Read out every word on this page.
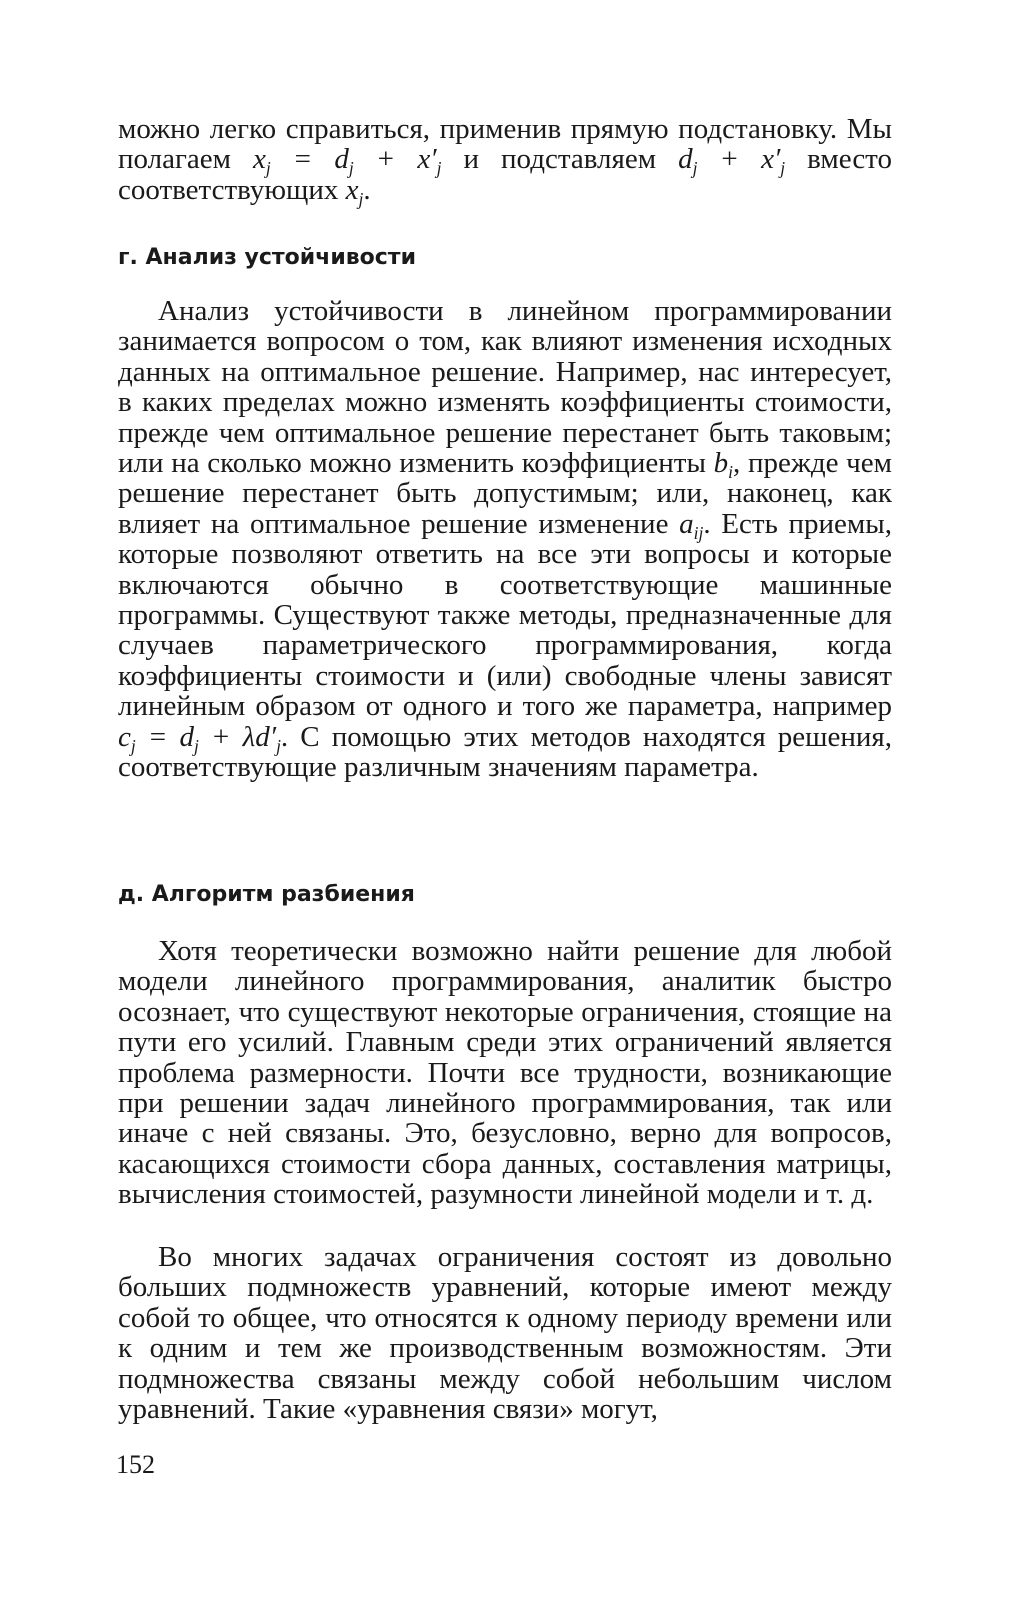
можно легко справиться, применив прямую подстановку. Мы полагаем $x_j = d_j + x'_j$ и подставляем $d_j + x'_j$ вместо соответствующих $x_j$.

г. Анализ устойчивости

Анализ устойчивости в линейном программировании занимается вопросом о том, как влияют изменения исходных данных на оптимальное решение. Например, нас интересует, в каких пределах можно изменять коэффициенты стоимости, прежде чем оптимальное решение перестанет быть таковым; или на сколько можно изменить коэффициенты $b_i$, прежде чем решение перестанет быть допустимым; или, наконец, как влияет на оптимальное решение изменение $a_{ij}$. Есть приемы, которые позволяют ответить на все эти вопросы и которые включаются обычно в соответствующие машинные программы. Существуют также методы, предназначенные для случаев параметрического программирования, когда коэффициенты стоимости и (или) свободные члены зависят линейным образом от одного и того же параметра, например $c_j = d_j + \lambda d'_j$. С помощью этих методов находятся решения, соответствующие различным значениям параметра.

д. Алгоритм разбиения

Хотя теоретически возможно найти решение для любой модели линейного программирования, аналитик быстро осознает, что существуют некоторые ограничения, стоящие на пути его усилий. Главным среди этих ограничений является проблема размерности. Почти все трудности, возникающие при решении задач линейного программирования, так или иначе с ней связаны. Это, безусловно, верно для вопросов, касающихся стоимости сбора данных, составления матрицы, вычисления стоимостей, разумности линейной модели и т. д.

Во многих задачах ограничения состоят из довольно больших подмножеств уравнений, которые имеют между собой то общее, что относятся к одному периоду времени или к одним и тем же производственным возможностям. Эти подмножества связаны между собой небольшим числом уравнений. Такие «уравнения связи» могут,

152
